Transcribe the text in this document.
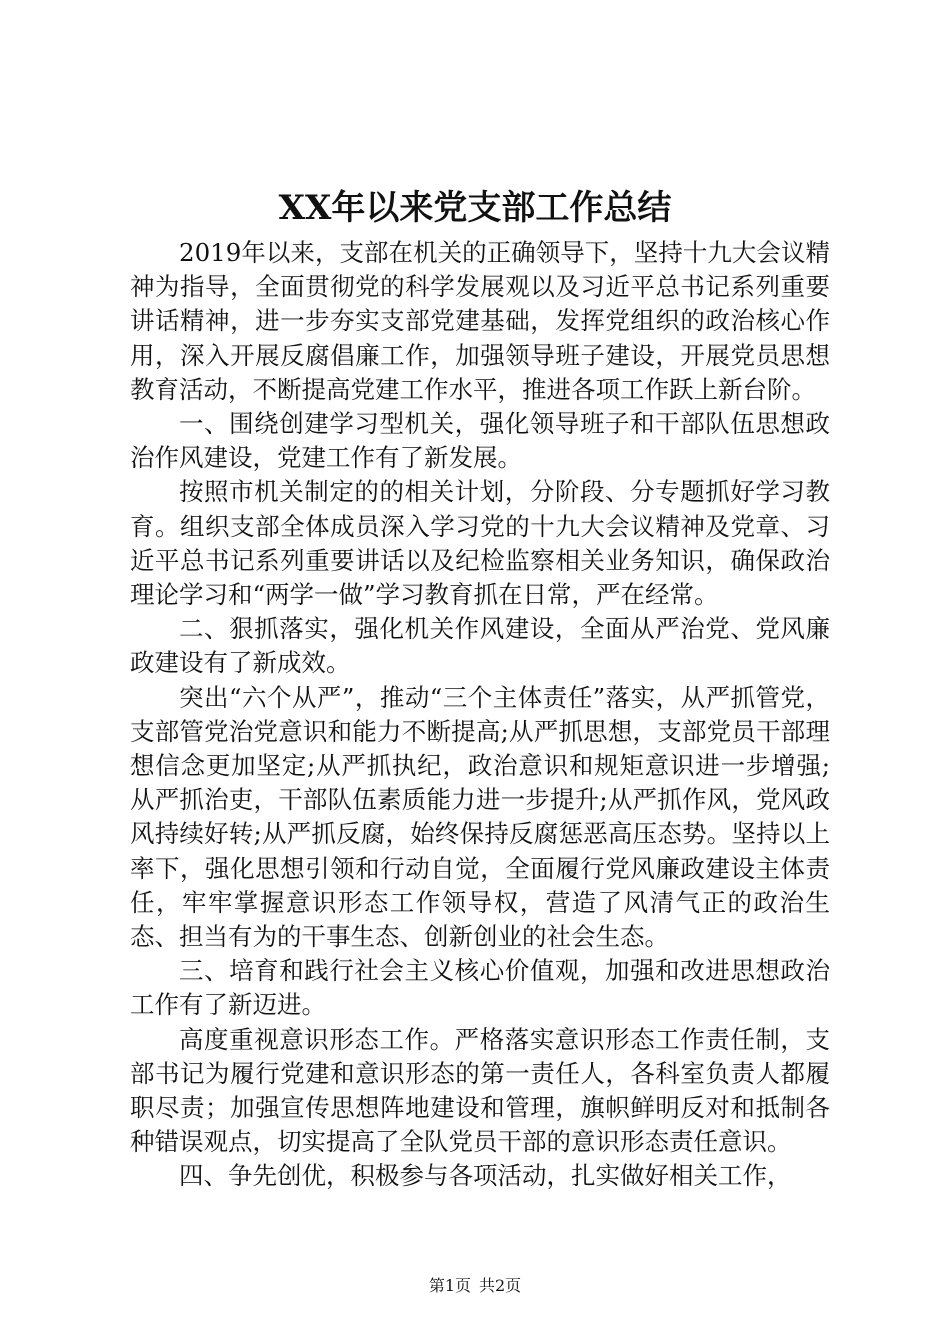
XX年以来党支部工作总结

2019年以来，支部在机关的正确领导下，坚持十九大会议精神为指导，全面贯彻党的科学发展观以及习近平总书记系列重要讲话精神，进一步夯实支部党建基础，发挥党组织的政治核心作用，深入开展反腐倡廉工作，加强领导班子建设，开展党员思想教育活动，不断提高党建工作水平，推进各项工作跃上新台阶。

一、围绕创建学习型机关，强化领导班子和干部队伍思想政治作风建设，党建工作有了新发展。

按照市机关制定的的相关计划，分阶段、分专题抓好学习教育。组织支部全体成员深入学习党的十九大会议精神及党章、习近平总书记系列重要讲话以及纪检监察相关业务知识，确保政治理论学习和“两学一做”学习教育抓在日常，严在经常。

二、狠抓落实，强化机关作风建设，全面从严治党、党风廉政建设有了新成效。

突出“六个从严”，推动“三个主体责任”落实，从严抓管党，支部管党治党意识和能力不断提高;从严抓思想，支部党员干部理想信念更加坚定;从严抓执纪，政治意识和规矩意识进一步增强;从严抓治吏，干部队伍素质能力进一步提升;从严抓作风，党风政风持续好转;从严抓反腐，始终保持反腐惩恶高压态势。坚持以上率下，强化思想引领和行动自觉，全面履行党风廉政建设主体责任，牢牢掌握意识形态工作领导权，营造了风清气正的政治生态、担当有为的干事生态、创新创业的社会生态。

三、培育和践行社会主义核心价值观，加强和改进思想政治工作有了新迈进。

高度重视意识形态工作。严格落实意识形态工作责任制，支部书记为履行党建和意识形态的第一责任人，各科室负责人都履职尽责；加强宣传思想阵地建设和管理，旗帜鲜明反对和抵制各种错误观点，切实提高了全队党员干部的意识形态责任意识。

四、争先创优，积极参与各项活动，扎实做好相关工作，

第1页 共2页
